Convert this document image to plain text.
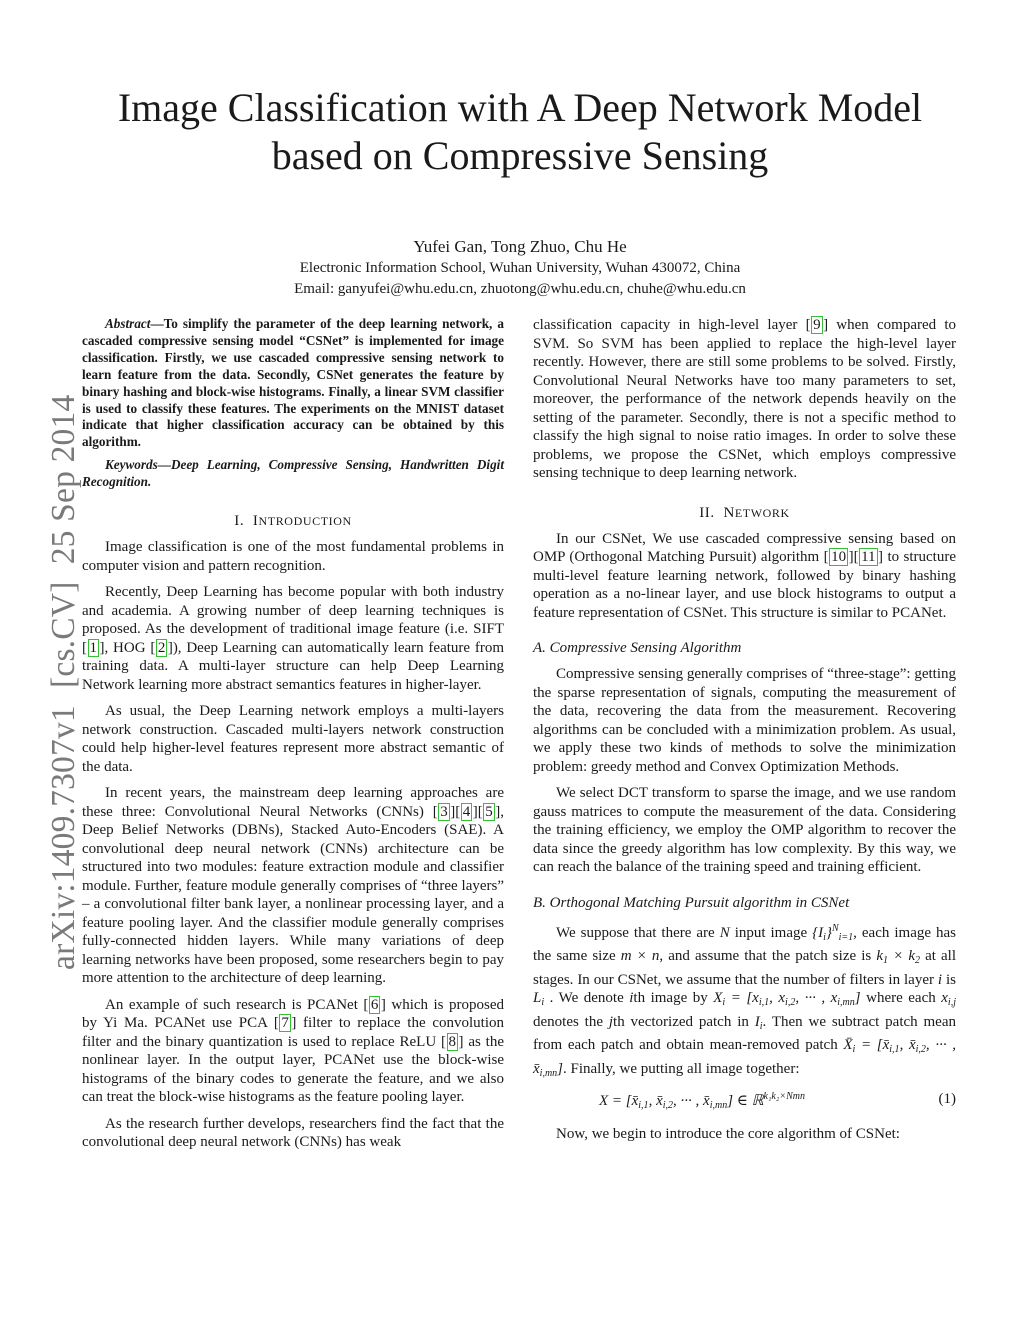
arXiv:1409.7307v1  [cs.CV]  25 Sep 2014
Image Classification with A Deep Network Model
based on Compressive Sensing
Yufei Gan, Tong Zhuo, Chu He
Electronic Information School, Wuhan University, Wuhan 430072, China
Email: ganyufei@whu.edu.cn, zhuotong@whu.edu.cn, chuhe@whu.edu.cn

Abstract—To simplify the parameter of the deep learning network, a cascaded compressive sensing model “CSNet” is implemented for image classification. Firstly, we use cascaded compressive sensing network to learn feature from the data. Secondly, CSNet generates the feature by binary hashing and block-wise histograms. Finally, a linear SVM classifier is used to classify these features. The experiments on the MNIST dataset indicate that higher classification accuracy can be obtained by this algorithm.

Keywords—Deep Learning, Compressive Sensing, Handwritten Digit Recognition.

I. INTRODUCTION

Image classification is one of the most fundamental problems in computer vision and pattern recognition.

Recently, Deep Learning has become popular with both industry and academia. A growing number of deep learning techniques is proposed. As the development of traditional image feature (i.e. SIFT [ 1 ], HOG [ 2 ]), Deep Learning can automatically learn feature from training data. A multi-layer structure can help Deep Learning Network learning more abstract semantics features in higher-layer.

As usual, the Deep Learning network employs a multi-layers network construction. Cascaded multi-layers network construction could help higher-level features represent more abstract semantic of the data.

In recent years, the mainstream deep learning approaches are these three: Convolutional Neural Networks (CNNs) [ 3 ][ 4 ][ 5 ], Deep Belief Networks (DBNs), Stacked Auto-Encoders (SAE). A convolutional deep neural network (CNNs) architecture can be structured into two modules: feature extraction module and classifier module. Further, feature module generally comprises of “three layers” – a convolutional filter bank layer, a nonlinear processing layer, and a feature pooling layer. And the classifier module generally comprises fully-connected hidden layers. While many variations of deep learning networks have been proposed, some researchers begin to pay more attention to the architecture of deep learning.

An example of such research is PCANet [ 6 ] which is proposed by Yi Ma. PCANet use PCA [ 7 ] filter to replace the convolution filter and the binary quantization is used to replace ReLU [ 8 ] as the nonlinear layer. In the output layer, PCANet use the block-wise histograms of the binary codes to generate the feature, and we also can treat the block-wise histograms as the feature pooling layer.

As the research further develops, researchers find the fact that the convolutional deep neural network (CNNs) has weak

classification capacity in high-level layer [ 9 ] when compared to SVM. So SVM has been applied to replace the high-level layer recently. However, there are still some problems to be solved. Firstly, Convolutional Neural Networks have too many parameters to set, moreover, the performance of the network depends heavily on the setting of the parameter. Secondly, there is not a specific method to classify the high signal to noise ratio images. In order to solve these problems, we propose the CSNet, which employs compressive sensing technique to deep learning network.

II. NETWORK

In our CSNet, We use cascaded compressive sensing based on OMP (Orthogonal Matching Pursuit) algorithm [ 10 ][ 11 ] to structure multi-level feature learning network, followed by binary hashing operation as a no-linear layer, and use block histograms to output a feature representation of CSNet. This structure is similar to PCANet.

A. Compressive Sensing Algorithm

Compressive sensing generally comprises of “three-stage”: getting the sparse representation of signals, computing the measurement of the data, recovering the data from the measurement. Recovering algorithms can be concluded with a minimization problem. As usual, we apply these two kinds of methods to solve the minimization problem: greedy method and Convex Optimization Methods.

We select DCT transform to sparse the image, and we use random gauss matrices to compute the measurement of the data. Considering the training efficiency, we employ the OMP algorithm to recover the data since the greedy algorithm has low complexity. By this way, we can reach the balance of the training speed and training efficient.

B. Orthogonal Matching Pursuit algorithm in CSNet

We suppose that there are N input image $\{I_i\}^N_{i=1}$, each image has the same size m × n, and assume that the patch size is $k_1 \times k_2$ at all stages. In our CSNet, we assume that the number of filters in layer i is $L_i$ . We denote ith image by $X_i = [x_{i,1}$, $x_{i,2}$, ··· , $x_{i,mn}$] where each $x_{i,j}$ denotes the jth vectorized patch in $I_i$. Then we subtract patch mean from each patch and obtain mean-removed patch $X̄_i$ = [$x̄_{i,1}$, $x̄_{i,2}$, ··· , $x̄_{i,mn}$]. Finally, we putting all image together:

$X = [x̄_{i,1}$, $x̄_{i,2}$, ··· , $x̄_{i,mn}$] ∈ ℝ$^{k_1k_2\times Nmn}$	(1)

Now, we begin to introduce the core algorithm of CSNet:
